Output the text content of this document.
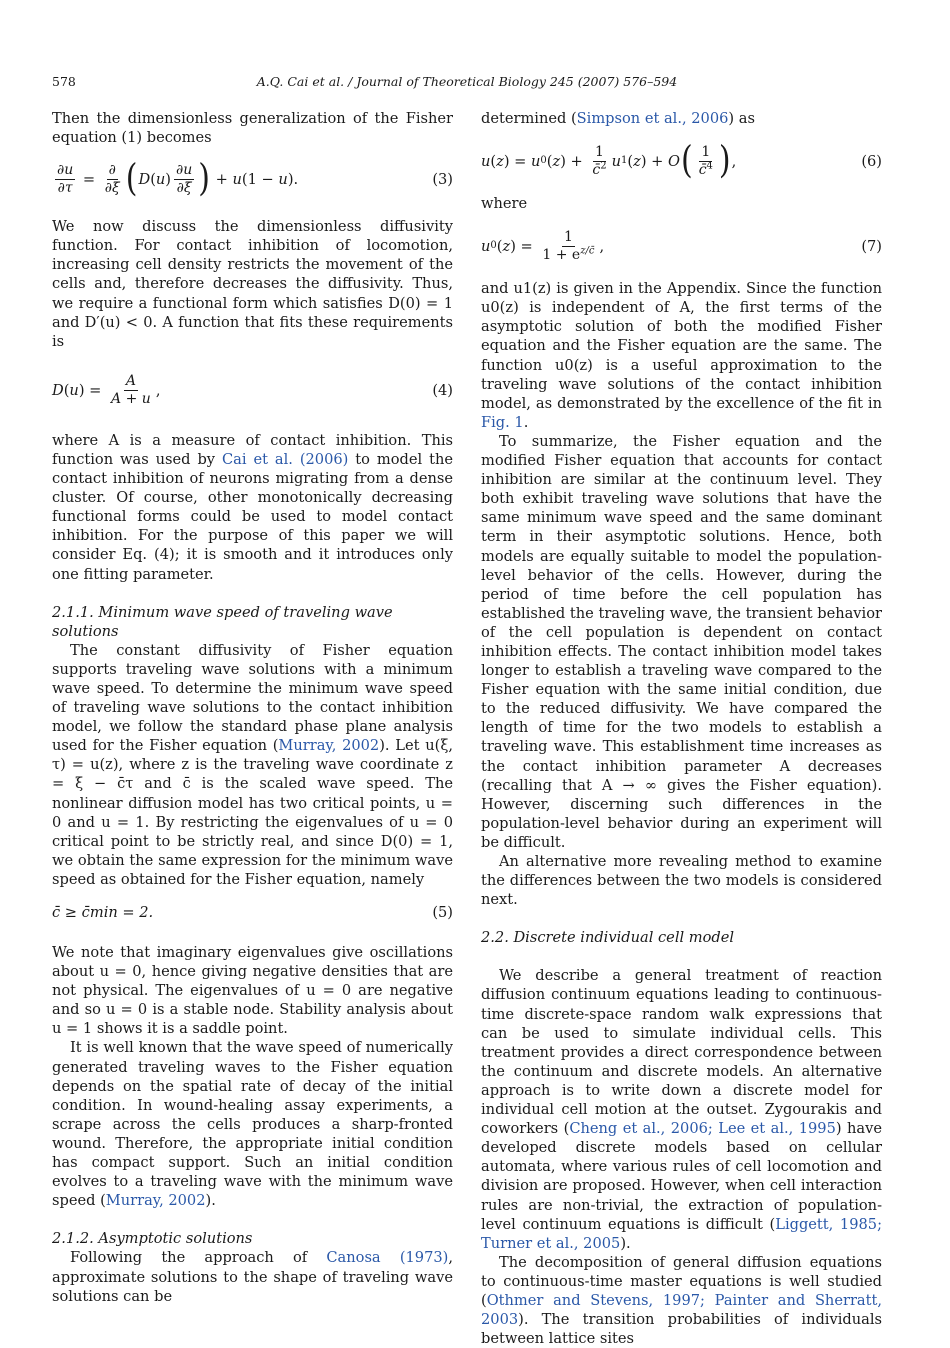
578	A.Q. Cai et al. / Journal of Theoretical Biology 245 (2007) 576–594

Then the dimensionless generalization of the Fisher equation (1) becomes

$\frac{\partial u}{\partial\tau} = \frac{\partial}{\partial\xī}$ ( D ( u ) $\frac{\partial u}{\partial\xī}$ ) + u (1 − u ).	(3)

We now discuss the dimensionless diffusivity function. For contact inhibition of locomotion, increasing cell density restricts the movement of the cells and, therefore decreases the diffusivity. Thus, we require a functional form which satisfies D(0) = 1 and D′(u) < 0. A function that fits these requirements is

D ( u ) = $\frac{A}{A + u}$ ,	(4)

where A is a measure of contact inhibition. This function was used by Cai et al. (2006) to model the contact inhibition of neurons migrating from a dense cluster. Of course, other monotonically decreasing functional forms could be used to model contact inhibition. For the purpose of this paper we will consider Eq. (4); it is smooth and it introduces only one fitting parameter.

2.1.1. Minimum wave speed of traveling wave solutions

The constant diffusivity of Fisher equation supports traveling wave solutions with a minimum wave speed. To determine the minimum wave speed of traveling wave solutions to the contact inhibition model, we follow the standard phase plane analysis used for the Fisher equation (Murray, 2002). Let u(ξ, τ) = u(z), where z is the traveling wave coordinate z = ξ − c̄τ and c̄ is the scaled wave speed. The nonlinear diffusion model has two critical points, u = 0 and u = 1. By restricting the eigenvalues of u = 0 critical point to be strictly real, and since D(0) = 1, we obtain the same expression for the minimum wave speed as obtained for the Fisher equation, namely

c̄ ≥ c̄min = 2.	(5)

We note that imaginary eigenvalues give oscillations about u = 0, hence giving negative densities that are not physical. The eigenvalues of u = 0 are negative and so u = 0 is a stable node. Stability analysis about u = 1 shows it is a saddle point.

It is well known that the wave speed of numerically generated traveling waves to the Fisher equation depends on the spatial rate of decay of the initial condition. In wound-healing assay experiments, a scrape across the cells produces a sharp-fronted wound. Therefore, the appropriate initial condition has compact support. Such an initial condition evolves to a traveling wave with the minimum wave speed (Murray, 2002).

2.1.2. Asymptotic solutions

Following the approach of Canosa (1973), approximate solutions to the shape of traveling wave solutions can be

determined (Simpson et al., 2006) as

u ( z ) = u 0 ( z ) + $\frac{1}{c̄^2}$ u 1 ( z ) + O ( $\frac{1}{c̄^4}$ ) ,	(6)

where

u 0 ( z ) = $\frac{1}{1 + e^{z/c̄}}$ ,	(7)

and u1(z) is given in the Appendix. Since the function u0(z) is independent of A, the first terms of the asymptotic solution of both the modified Fisher equation and the Fisher equation are the same. The function u0(z) is a useful approximation to the traveling wave solutions of the contact inhibition model, as demonstrated by the excellence of the fit in Fig. 1.

To summarize, the Fisher equation and the modified Fisher equation that accounts for contact inhibition are similar at the continuum level. They both exhibit traveling wave solutions that have the same minimum wave speed and the same dominant term in their asymptotic solutions. Hence, both models are equally suitable to model the population-level behavior of the cells. However, during the period of time before the cell population has established the traveling wave, the transient behavior of the cell population is dependent on contact inhibition effects. The contact inhibition model takes longer to establish a traveling wave compared to the Fisher equation with the same initial condition, due to the reduced diffusivity. We have compared the length of time for the two models to establish a traveling wave. This establishment time increases as the contact inhibition parameter A decreases (recalling that A → ∞ gives the Fisher equation). However, discerning such differences in the population-level behavior during an experiment will be difficult.

An alternative more revealing method to examine the differences between the two models is considered next.

2.2. Discrete individual cell model

We describe a general treatment of reaction diffusion continuum equations leading to continuous-time discrete-space random walk expressions that can be used to simulate individual cells. This treatment provides a direct correspondence between the continuum and discrete models. An alternative approach is to write down a discrete model for individual cell motion at the outset. Zygourakis and coworkers (Cheng et al., 2006; Lee et al., 1995) have developed discrete models based on cellular automata, where various rules of cell locomotion and division are proposed. However, when cell interaction rules are non-trivial, the extraction of population-level continuum equations is difficult (Liggett, 1985; Turner et al., 2005).

The decomposition of general diffusion equations to continuous-time master equations is well studied (Othmer and Stevens, 1997; Painter and Sherratt, 2003). The transition probabilities of individuals between lattice sites
